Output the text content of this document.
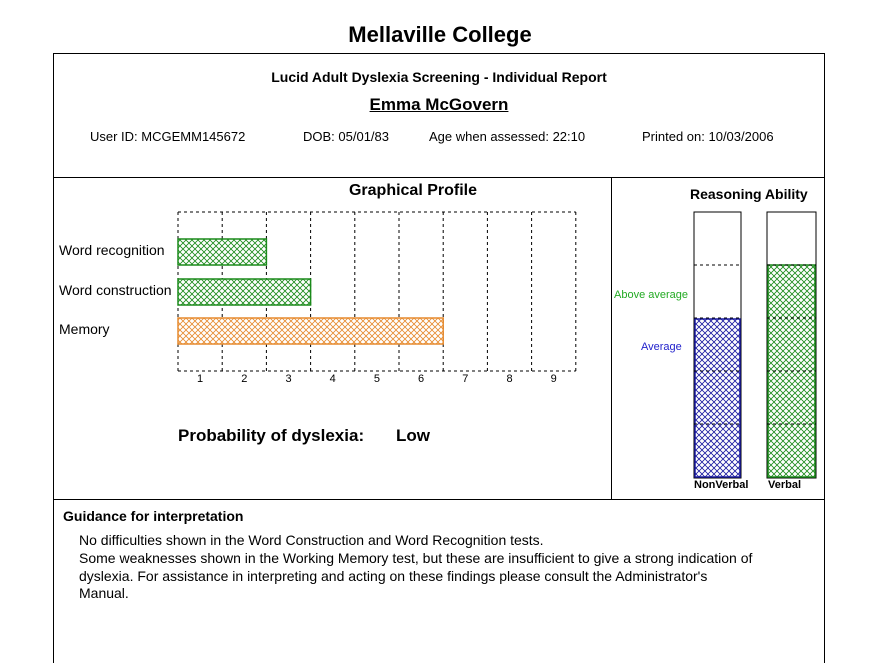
Mellaville College
Lucid Adult Dyslexia Screening - Individual Report
Emma McGovern
User ID: MCGEMM145672	DOB: 05/01/83	Age when assessed: 22:10	Printed on: 10/03/2006
Graphical Profile
Word recognition
Word construction
Memory
1	2	3	4	5	6	7	8	9
Probability of dyslexia: Low
Reasoning Ability
Above average
Average
NonVerbal Verbal
Guidance for interpretation
No difficulties shown in the Word Construction and Word Recognition tests.
Some weaknesses shown in the Working Memory test, but these are insufficient to give a strong indication of
dyslexia. For assistance in interpreting and acting on these findings please consult the Administrator's
Manual.
